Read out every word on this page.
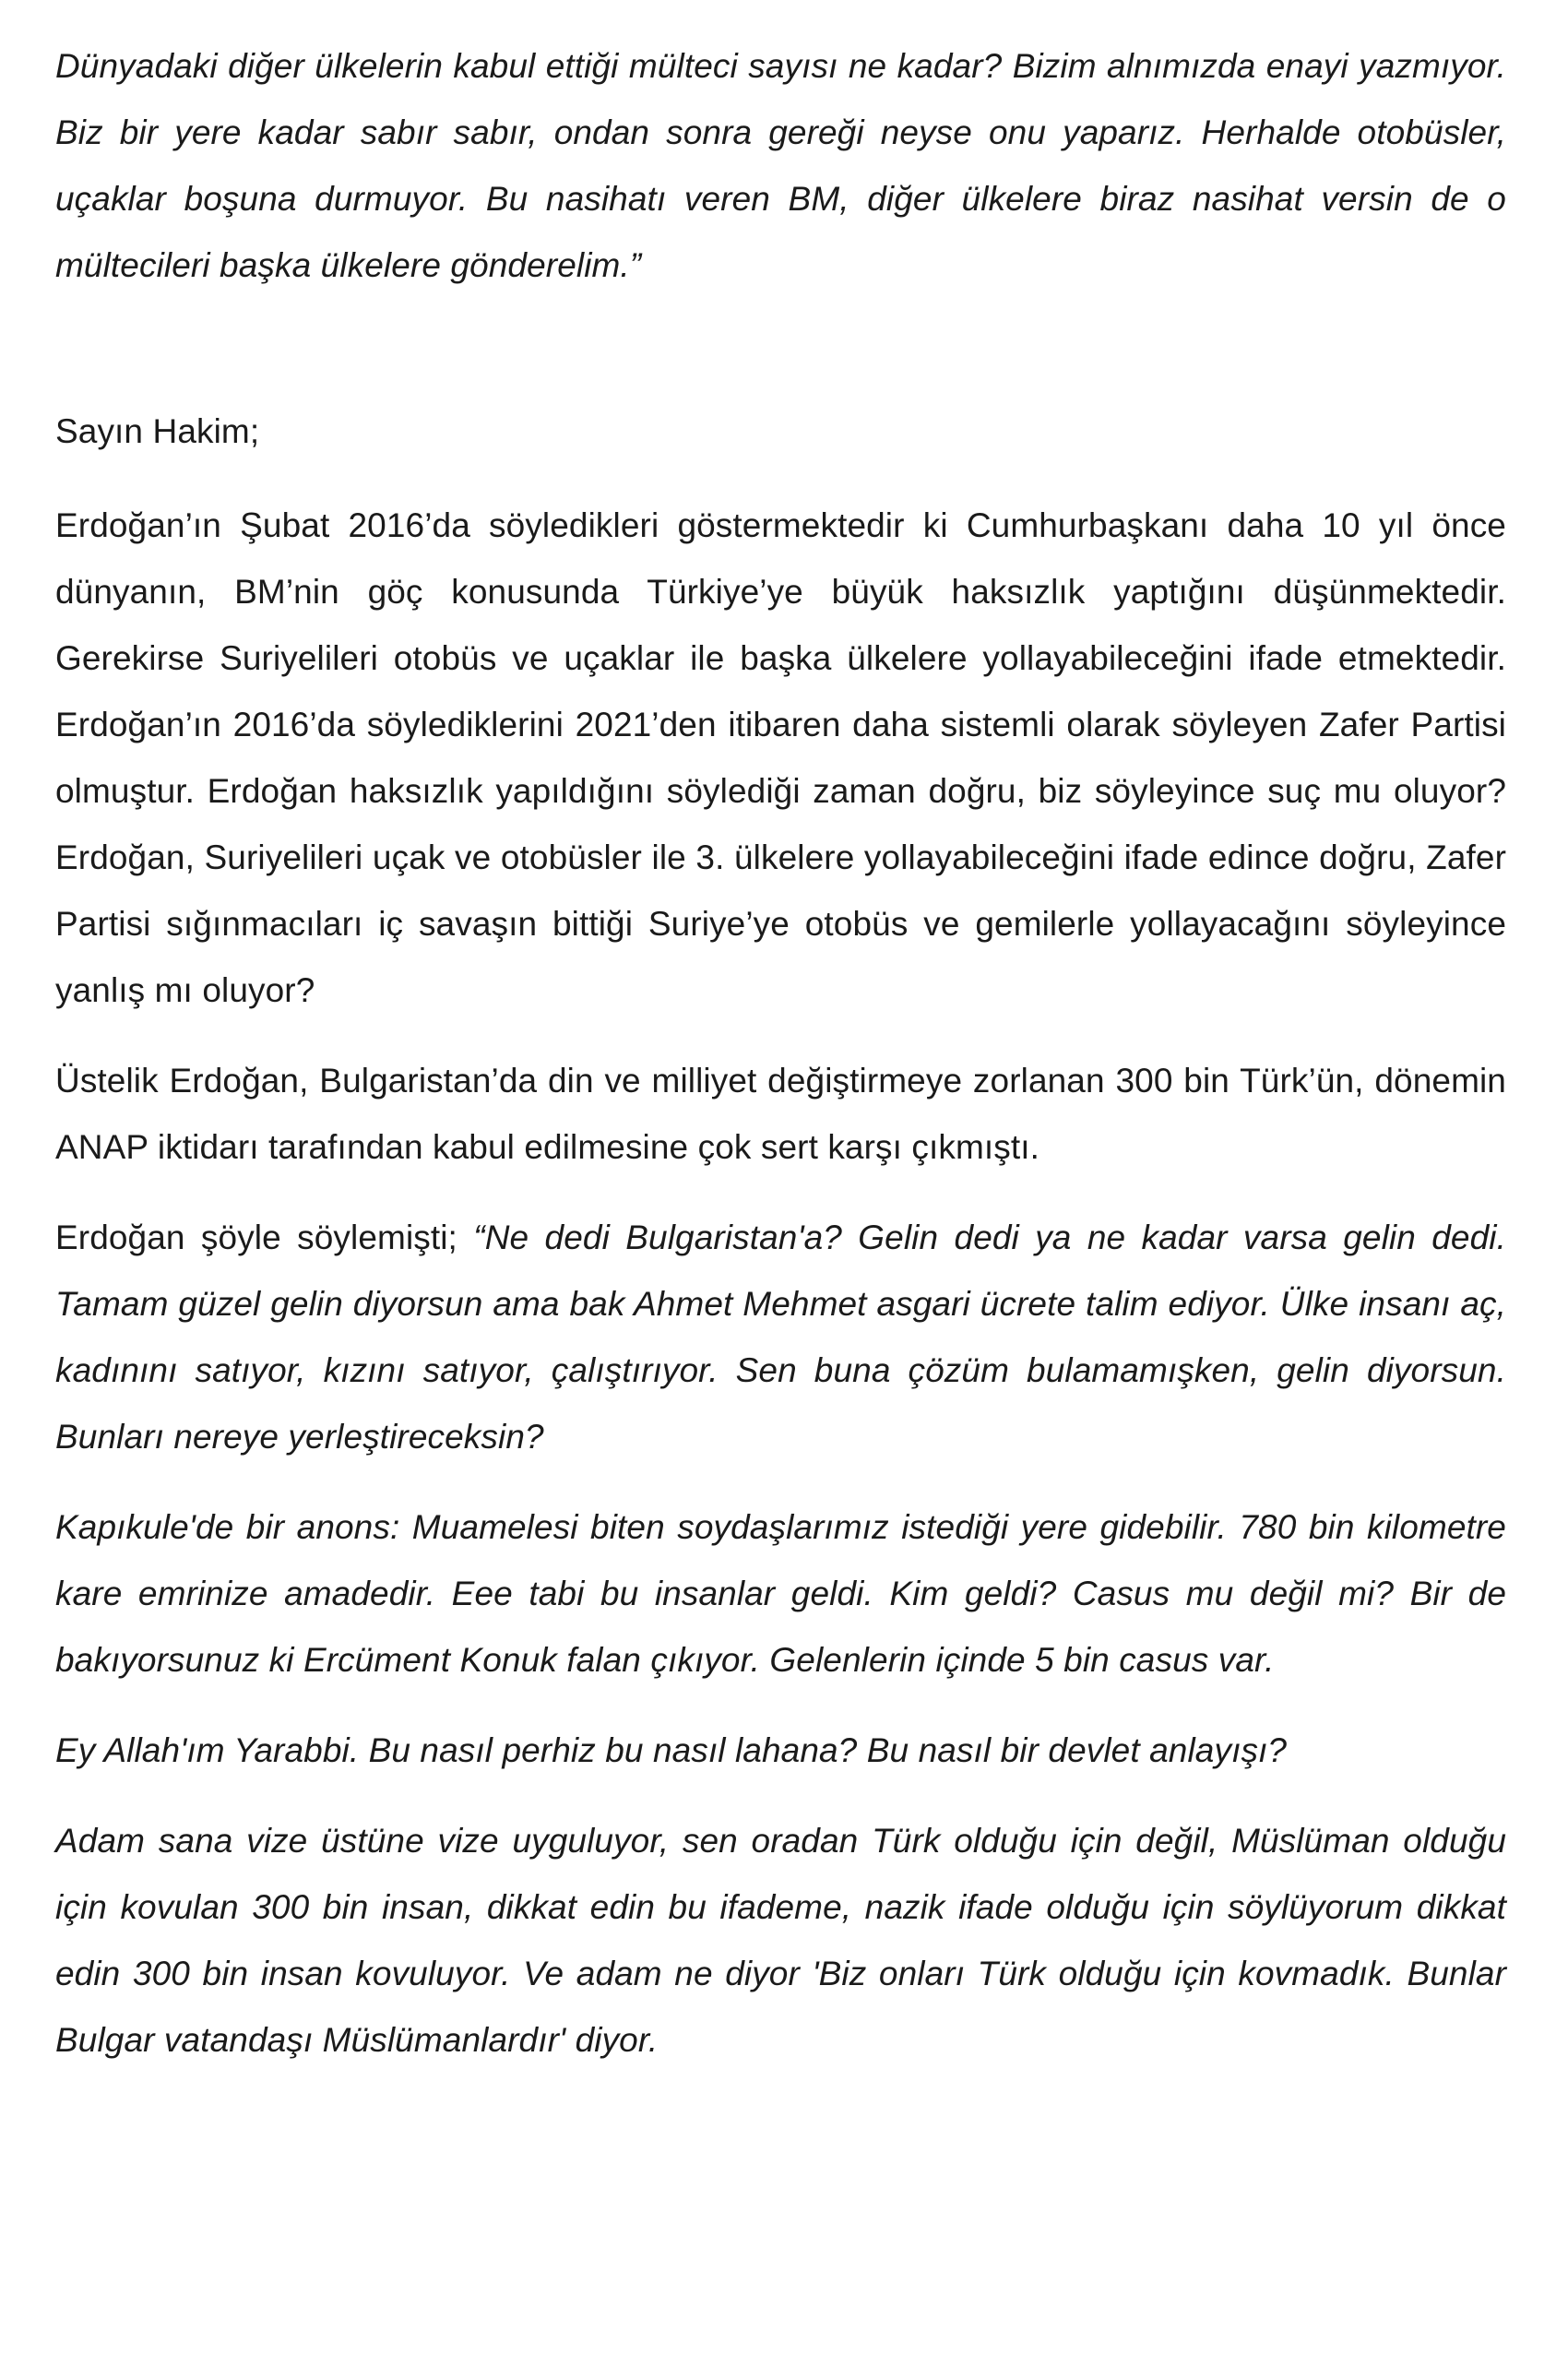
Dünyadaki diğer ülkelerin kabul ettiği mülteci sayısı ne kadar? Bizim alnımızda enayi yazmıyor. Biz bir yere kadar sabır sabır, ondan sonra gereği neyse onu yaparız. Herhalde otobüsler, uçaklar boşuna durmuyor. Bu nasihatı veren BM, diğer ülkelere biraz nasihat versin de o mültecileri başka ülkelere gönderelim.”

Sayın Hakim;

Erdoğan’ın Şubat 2016’da söyledikleri göstermektedir ki Cumhurbaşkanı daha 10 yıl önce dünyanın, BM’nin göç konusunda Türkiye’ye büyük haksızlık yaptığını düşünmektedir. Gerekirse Suriyelileri otobüs ve uçaklar ile başka ülkelere yollayabileceğini ifade etmektedir. Erdoğan’ın 2016’da söylediklerini 2021’den itibaren daha sistemli olarak söyleyen Zafer Partisi olmuştur. Erdoğan haksızlık yapıldığını söylediği zaman doğru, biz söyleyince suç mu oluyor? Erdoğan, Suriyelileri uçak ve otobüsler ile 3. ülkelere yollayabileceğini ifade edince doğru, Zafer Partisi sığınmacıları iç savaşın bittiği Suriye’ye otobüs ve gemilerle yollayacağını söyleyince yanlış mı oluyor?

Üstelik Erdoğan, Bulgaristan’da din ve milliyet değiştirmeye zorlanan 300 bin Türk’ün, dönemin ANAP iktidarı tarafından kabul edilmesine çok sert karşı çıkmıştı.

Erdoğan şöyle söylemişti; “Ne dedi Bulgaristan'a? Gelin dedi ya ne kadar varsa gelin dedi. Tamam güzel gelin diyorsun ama bak Ahmet Mehmet asgari ücrete talim ediyor. Ülke insanı aç, kadınını satıyor, kızını satıyor, çalıştırıyor. Sen buna çözüm bulamamışken, gelin diyorsun. Bunları nereye yerleştireceksin?

Kapıkule'de bir anons: Muamelesi biten soydaşlarımız istediği yere gidebilir. 780 bin kilometre kare emrinize amadedir. Eee tabi bu insanlar geldi. Kim geldi? Casus mu değil mi? Bir de bakıyorsunuz ki Ercüment Konuk falan çıkıyor. Gelenlerin içinde 5 bin casus var.

Ey Allah'ım Yarabbi. Bu nasıl perhiz bu nasıl lahana? Bu nasıl bir devlet anlayışı?

Adam sana vize üstüne vize uyguluyor, sen oradan Türk olduğu için değil, Müslüman olduğu için kovulan 300 bin insan, dikkat edin bu ifademe, nazik ifade olduğu için söylüyorum dikkat edin 300 bin insan kovuluyor. Ve adam ne diyor 'Biz onları Türk olduğu için kovmadık. Bunlar Bulgar vatandaşı Müslümanlardır' diyor.
